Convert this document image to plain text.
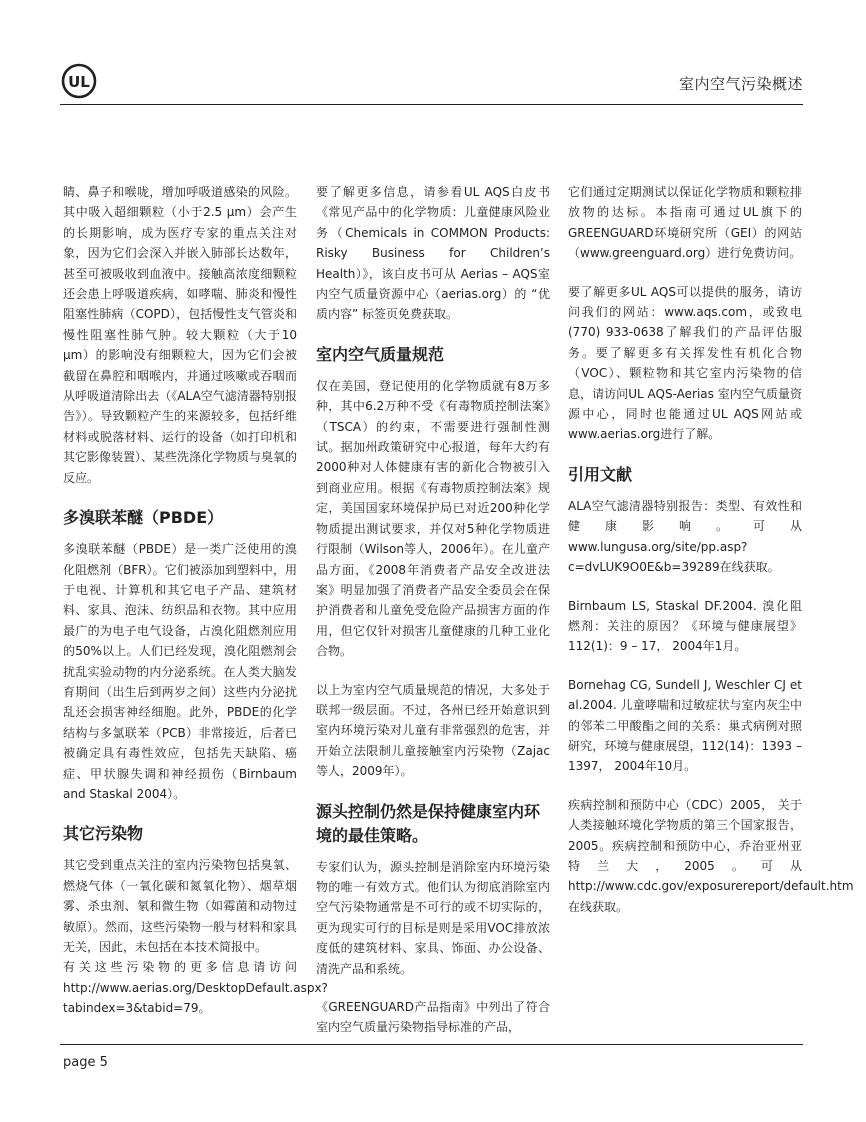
UL	室内空气污染概述

睛、鼻子和喉咙，增加呼吸道感染的风险。其中吸入超细颗粒（小于2.5 μm）会产生的长期影响，成为医疗专家的重点关注对象，因为它们会深入并嵌入肺部长达数年，甚至可被吸收到血液中。接触高浓度细颗粒还会患上呼吸道疾病，如哮喘、肺炎和慢性阻塞性肺病（COPD），包括慢性支气管炎和慢性阻塞性肺气肿。较大颗粒（大于10 μm）的影响没有细颗粒大，因为它们会被截留在鼻腔和咽喉内，并通过咳嗽或吞咽而从呼吸道清除出去（《ALA空气滤清器特别报告》）。导致颗粒产生的来源较多，包括纤维材料或脱落材料、运行的设备（如打印机和其它影像装置）、某些洗涤化学物质与臭氧的反应。

多溴联苯醚（PBDE）

多溴联苯醚（PBDE）是一类广泛使用的溴化阻燃剂（BFR）。它们被添加到塑料中，用于电视、计算机和其它电子产品、建筑材料、家具、泡沫、纺织品和衣物。其中应用最广的为电子电气设备，占溴化阻燃剂应用的50%以上。人们已经发现，溴化阻燃剂会扰乱实验动物的内分泌系统。在人类大脑发育期间（出生后到两岁之间）这些内分泌扰乱还会损害神经细胞。此外，PBDE的化学结构与多氯联苯（PCB）非常接近，后者已被确定具有毒性效应，包括先天缺陷、癌症、甲状腺失调和神经损伤（Birnbaum and Staskal 2004）。

其它污染物

其它受到重点关注的室内污染物包括臭氧、燃烧气体（一氧化碳和氮氧化物）、烟草烟雾、杀虫剂、氡和微生物（如霉菌和动物过敏原）。然而，这些污染物一般与材料和家具无关，因此，未包括在本技术简报中。

有关这些污染物的更多信息请访问 http://www.aerias.org/DesktopDefault.aspx?tabindex=3&tabid=79。

要了解更多信息，请参看UL AQS白皮书《常见产品中的化学物质：儿童健康风险业务（Chemicals in COMMON Products: Risky Business for Children’s Health）》，该白皮书可从 Aerias – AQS室内空气质量资源中心（aerias.org）的 “优质内容” 标签页免费获取。

室内空气质量规范

仅在美国，登记使用的化学物质就有8万多种，其中6.2万种不受《有毒物质控制法案》（TSCA）的约束，不需要进行强制性测试。据加州政策研究中心报道，每年大约有2000种对人体健康有害的新化合物被引入到商业应用。根据《有毒物质控制法案》规定，美国国家环境保护局已对近200种化学物质提出测试要求，并仅对5种化学物质进行限制（Wilson等人，2006年）。在儿童产品方面，《2008年消费者产品安全改进法案》明显加强了消费者产品安全委员会在保护消费者和儿童免受危险产品损害方面的作用，但它仅针对损害儿童健康的几种工业化合物。

以上为室内空气质量规范的情况，大多处于联邦一级层面。不过，各州已经开始意识到室内环境污染对儿童有非常强烈的危害，并开始立法限制儿童接触室内污染物（Zajac等人，2009年）。

源头控制仍然是保持健康室内环境的最佳策略。

专家们认为，源头控制是消除室内环境污染物的唯一有效方式。他们认为彻底消除室内空气污染物通常是不可行的或不切实际的，更为现实可行的目标是则是采用VOC排放浓度低的建筑材料、家具、饰面、办公设备、清洗产品和系统。

《GREENGUARD产品指南》中列出了符合室内空气质量污染物指导标准的产品，

它们通过定期测试以保证化学物质和颗粒排放物的达标。本指南可通过UL旗下的GREENGUARD环境研究所（GEI）的网站（www.greenguard.org）进行免费访问。

要了解更多UL AQS可以提供的服务，请访问我们的网站：www.aqs.com，或致电(770) 933-0638了解我们的产品评估服务。要了解更多有关挥发性有机化合物（VOC）、颗粒物和其它室内污染物的信息，请访问UL AQS-Aerias 室内空气质量资源中心，同时也能通过UL AQS网站或www.aerias.org进行了解。

引用文献

ALA空气滤清器特别报告：类型、有效性和健康影响。可从www.lungusa.org/site/pp.asp?c=dvLUK9O0E&b=39289在线获取。

Birnbaum LS, Staskal DF.2004. 溴化阻燃剂：关注的原因？《环境与健康展望》112(1)：9 – 17， 2004年1月。

Bornehag CG, Sundell J, Weschler CJ et al.2004. 儿童哮喘和过敏症状与室内灰尘中的邻苯二甲酸酯之间的关系：巢式病例对照研究，环境与健康展望，112(14)：1393 – 1397， 2004年10月。

疾病控制和预防中心（CDC）2005， 关于人类接触环境化学物质的第三个国家报告，2005。疾病控制和预防中心，乔治亚州亚特兰大，2005。可从 http://www.cdc.gov/exposurereport/default.htm在线获取。

page 5
